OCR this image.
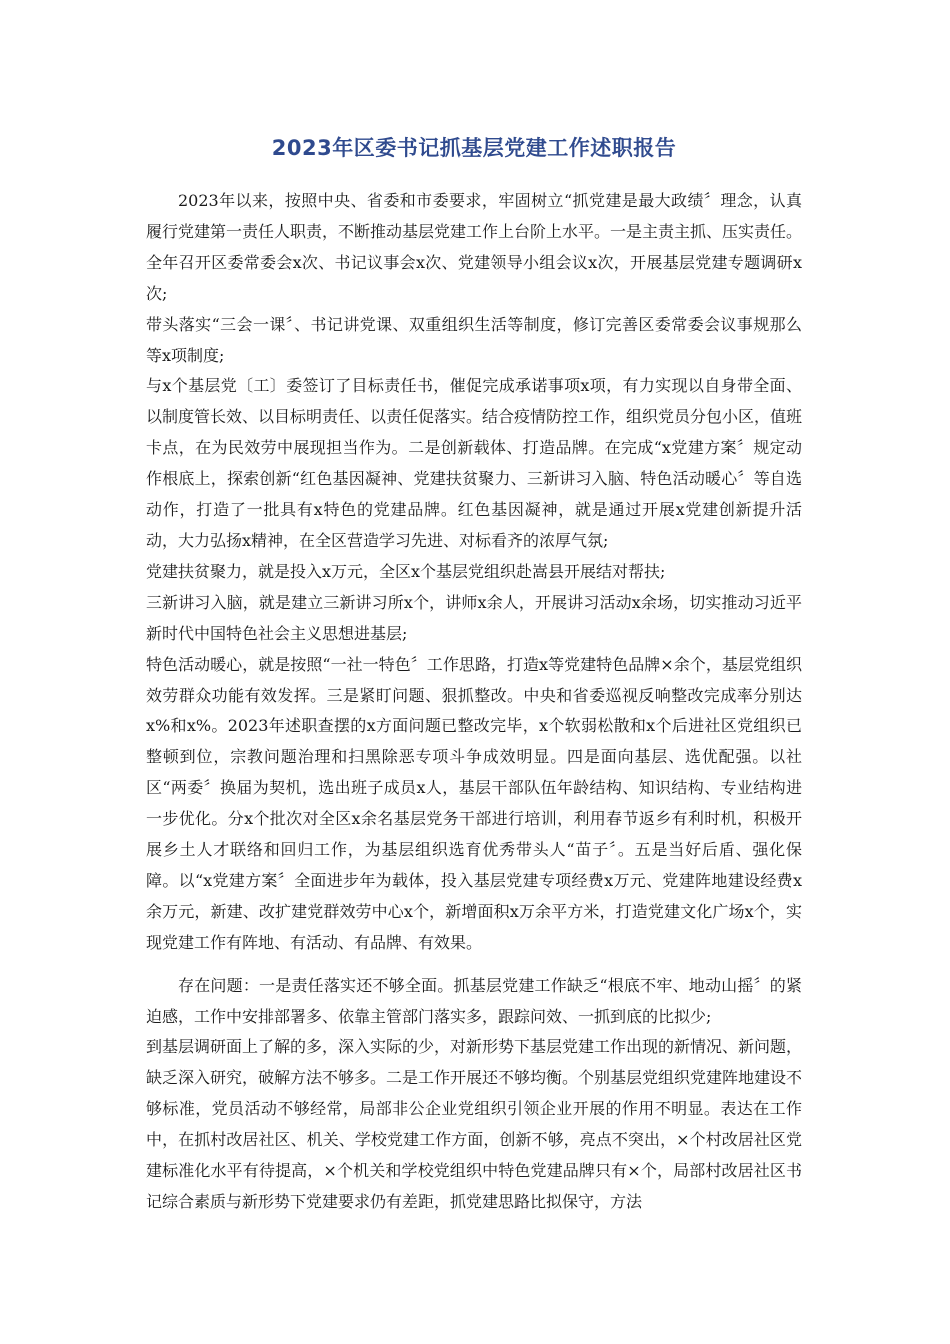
2023年区委书记抓基层党建工作述职报告

2023年以来，按照中央、省委和市委要求，牢固树立“抓党建是最大政绩〞理念，认真履行党建第一责任人职责，不断推动基层党建工作上台阶上水平。一是主责主抓、压实责任。全年召开区委常委会x次、书记议事会x次、党建领导小组会议x次，开展基层党建专题调研x次;

带头落实“三会一课〞、书记讲党课、双重组织生活等制度，修订完善区委常委会议事规那么等x项制度;

与x个基层党〔工〕委签订了目标责任书，催促完成承诺事项x项，有力实现以自身带全面、以制度管长效、以目标明责任、以责任促落实。结合疫情防控工作，组织党员分包小区，值班卡点，在为民效劳中展现担当作为。二是创新载体、打造品牌。在完成“x党建方案〞规定动作根底上，探索创新“红色基因凝神、党建扶贫聚力、三新讲习入脑、特色活动暖心〞等自选动作，打造了一批具有x特色的党建品牌。红色基因凝神，就是通过开展x党建创新提升活动，大力弘扬x精神，在全区营造学习先进、对标看齐的浓厚气氛;

党建扶贫聚力，就是投入x万元，全区x个基层党组织赴嵩县开展结对帮扶;

三新讲习入脑，就是建立三新讲习所x个，讲师x余人，开展讲习活动x余场，切实推动习近平新时代中国特色社会主义思想进基层;

特色活动暖心，就是按照“一社一特色〞工作思路，打造x等党建特色品牌×余个，基层党组织效劳群众功能有效发挥。三是紧盯问题、狠抓整改。中央和省委巡视反响整改完成率分别达x%和x%。2023年述职查摆的x方面问题已整改完毕，x个软弱松散和x个后进社区党组织已整顿到位，宗教问题治理和扫黑除恶专项斗争成效明显。四是面向基层、选优配强。以社区“两委〞换届为契机，选出班子成员x人，基层干部队伍年龄结构、知识结构、专业结构进一步优化。分x个批次对全区x余名基层党务干部进行培训，利用春节返乡有利时机，积极开展乡土人才联络和回归工作，为基层组织选育优秀带头人“苗子〞。五是当好后盾、强化保障。以“x党建方案〞全面进步年为载体，投入基层党建专项经费x万元、党建阵地建设经费x余万元，新建、改扩建党群效劳中心x个，新增面积x万余平方米，打造党建文化广场x个，实现党建工作有阵地、有活动、有品牌、有效果。

存在问题：一是责任落实还不够全面。抓基层党建工作缺乏“根底不牢、地动山摇〞的紧迫感，工作中安排部署多、依靠主管部门落实多，跟踪问效、一抓到底的比拟少;

到基层调研面上了解的多，深入实际的少，对新形势下基层党建工作出现的新情况、新问题，缺乏深入研究，破解方法不够多。二是工作开展还不够均衡。个别基层党组织党建阵地建设不够标准，党员活动不够经常，局部非公企业党组织引领企业开展的作用不明显。表达在工作中，在抓村改居社区、机关、学校党建工作方面，创新不够，亮点不突出，×个村改居社区党建标准化水平有待提高，×个机关和学校党组织中特色党建品牌只有×个，局部村改居社区书记综合素质与新形势下党建要求仍有差距，抓党建思路比拟保守，方法
